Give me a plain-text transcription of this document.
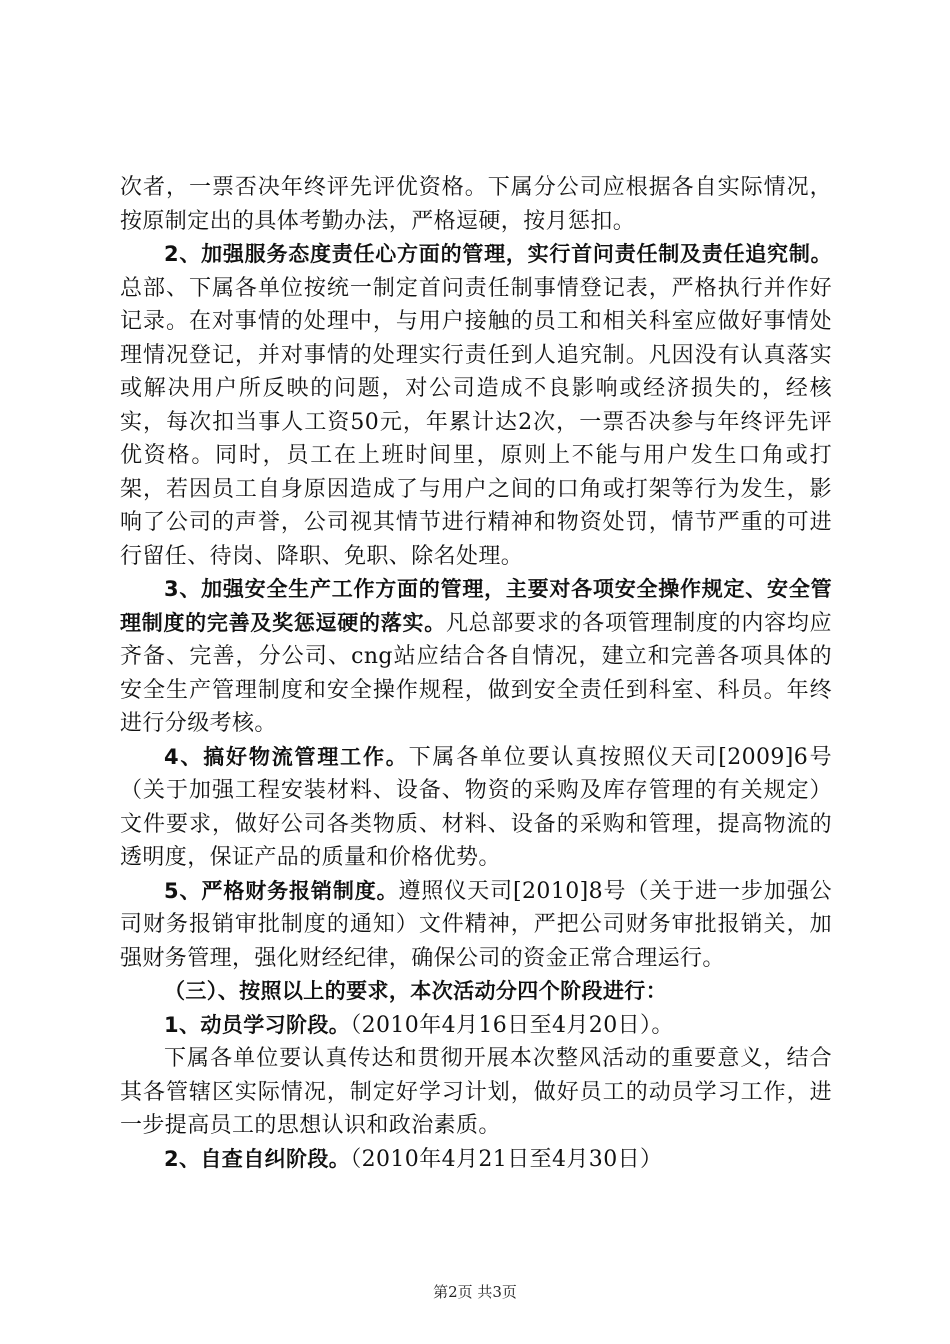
次者，一票否决年终评先评优资格。下属分公司应根据各自实际情况，按原制定出的具体考勤办法，严格逗硬，按月惩扣。

2、加强服务态度责任心方面的管理，实行首问责任制及责任追究制。总部、下属各单位按统一制定首问责任制事情登记表，严格执行并作好记录。在对事情的处理中，与用户接触的员工和相关科室应做好事情处理情况登记，并对事情的处理实行责任到人追究制。凡因没有认真落实或解决用户所反映的问题，对公司造成不良影响或经济损失的，经核实，每次扣当事人工资50元，年累计达2次，一票否决参与年终评先评优资格。同时，员工在上班时间里，原则上不能与用户发生口角或打架，若因员工自身原因造成了与用户之间的口角或打架等行为发生，影响了公司的声誉，公司视其情节进行精神和物资处罚，情节严重的可进行留任、待岗、降职、免职、除名处理。

3、加强安全生产工作方面的管理，主要对各项安全操作规定、安全管理制度的完善及奖惩逗硬的落实。凡总部要求的各项管理制度的内容均应齐备、完善，分公司、cng站应结合各自情况，建立和完善各项具体的安全生产管理制度和安全操作规程，做到安全责任到科室、科员。年终进行分级考核。

4、搞好物流管理工作。下属各单位要认真按照仪天司[2009]6号（关于加强工程安装材料、设备、物资的采购及库存管理的有关规定）文件要求，做好公司各类物质、材料、设备的采购和管理，提高物流的透明度，保证产品的质量和价格优势。

5、严格财务报销制度。遵照仪天司[2010]8号（关于进一步加强公司财务报销审批制度的通知）文件精神，严把公司财务审批报销关，加强财务管理，强化财经纪律，确保公司的资金正常合理运行。

（三）、按照以上的要求，本次活动分四个阶段进行：

1、动员学习阶段。（2010年4月16日至4月20日）。

下属各单位要认真传达和贯彻开展本次整风活动的重要意义，结合其各管辖区实际情况，制定好学习计划，做好员工的动员学习工作，进一步提高员工的思想认识和政治素质。

2、自查自纠阶段。（2010年4月21日至4月30日）

第2页 共3页
